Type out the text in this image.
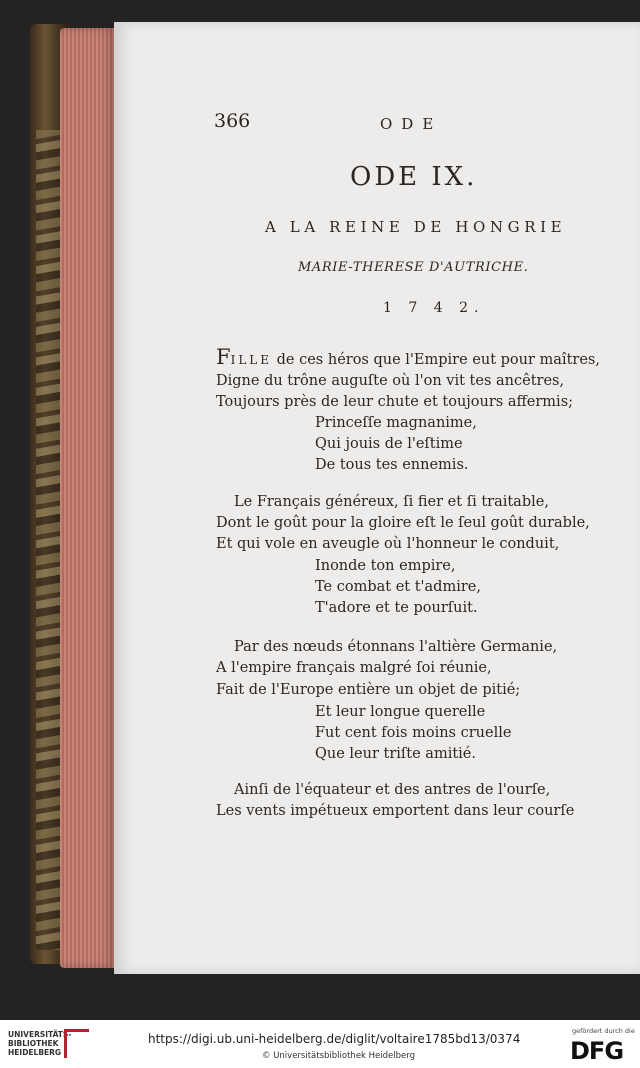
366	ODE
ODE IX.
A LA REINE DE HONGRIE
MARIE-THERESE D'AUTRICHE.
1 7 4 2.
FILLE de ces héros que l'Empire eut pour maîtres,
Digne du trône auguſte où l'on vit tes ancêtres,
Toujours près de leur chute et toujours affermis;
Princeſſe magnanime,
Qui jouis de l'eſtime
De tous tes ennemis.
Le Français généreux, ſi fier et ſi traitable,
Dont le goût pour la gloire eſt le ſeul goût durable,
Et qui vole en aveugle où l'honneur le conduit,
Inonde ton empire,
Te combat et t'admire,
T'adore et te pourſuit.
Par des nœuds étonnans l'altière Germanie,
A l'empire français malgré ſoi réunie,
Fait de l'Europe entière un objet de pitié;
Et leur longue querelle
Fut cent fois moins cruelle
Que leur triſte amitié.
Ainſi de l'équateur et des antres de l'ourſe,
Les vents impétueux emportent dans leur courſe
UNIVERSITÄTS-
BIBLIOTHEK
HEIDELBERG
https://digi.ub.uni-heidelberg.de/diglit/voltaire1785bd13/0374
© Universitätsbibliothek Heidelberg
gefördert durch die
DFG
